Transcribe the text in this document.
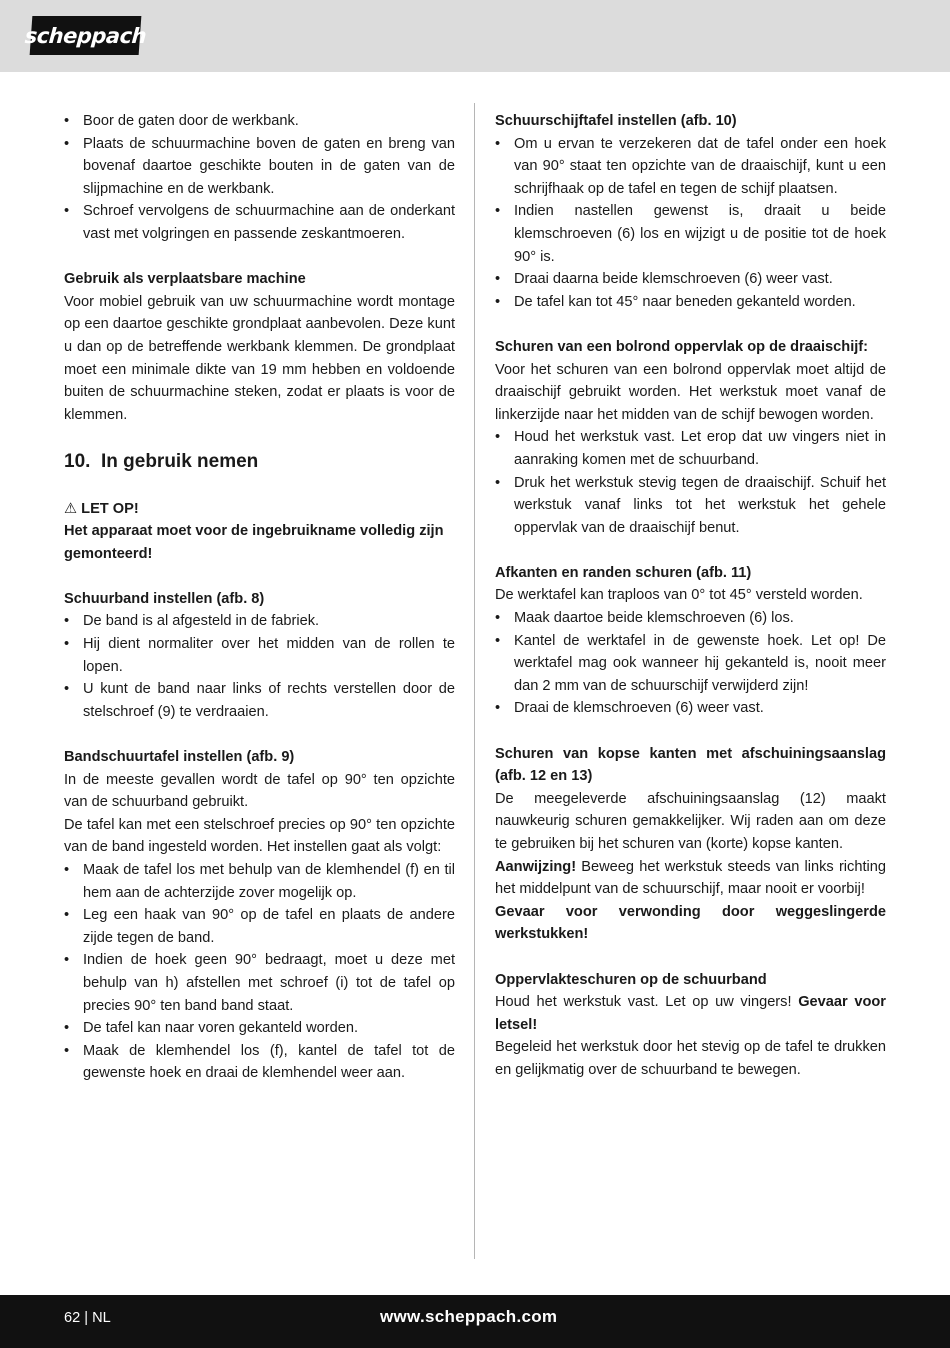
scheppach
• Boor de gaten door de werkbank.
• Plaats de schuurmachine boven de gaten en breng van bovenaf daartoe geschikte bouten in de gaten van de slijpmachine en de werkbank.
• Schroef vervolgens de schuurmachine aan de onderkant vast met volgringen en passende zeskantmoeren.

Gebruik als verplaatsbare machine

Voor mobiel gebruik van uw schuurmachine wordt montage op een daartoe geschikte grondplaat aanbevolen. Deze kunt u dan op de betreffende werkbank klemmen. De grondplaat moet een minimale dikte van 19 mm hebben en voldoende buiten de schuurmachine steken, zodat er plaats is voor de klemmen.

10. In gebruik nemen

⚠ LET OP!

Het apparaat moet voor de ingebruikname volledig zijn gemonteerd!

Schuurband instellen (afb. 8)

• De band is al afgesteld in de fabriek.
• Hij dient normaliter over het midden van de rollen te lopen.
• U kunt de band naar links of rechts verstellen door de stelschroef (9) te verdraaien.

Bandschuurtafel instellen (afb. 9)

In de meeste gevallen wordt de tafel op 90° ten opzichte van de schuurband gebruikt.

De tafel kan met een stelschroef precies op 90° ten opzichte van de band ingesteld worden. Het instellen gaat als volgt:

• Maak de tafel los met behulp van de klemhendel (f) en til hem aan de achterzijde zover mogelijk op.
• Leg een haak van 90° op de tafel en plaats de andere zijde tegen de band.
• Indien de hoek geen 90° bedraagt, moet u deze met behulp van h) afstellen met schroef (i) tot de tafel op precies 90° ten band band staat.
• De tafel kan naar voren gekanteld worden.
• Maak de klemhendel los (f), kantel de tafel tot de gewenste hoek en draai de klemhendel weer aan.

Schuurschijftafel instellen (afb. 10)

• Om u ervan te verzekeren dat de tafel onder een hoek van 90° staat ten opzichte van de draaischijf, kunt u een schrijfhaak op de tafel en tegen de schijf plaatsen.
• Indien nastellen gewenst is, draait u beide klemschroeven (6) los en wijzigt u de positie tot de hoek 90° is.
• Draai daarna beide klemschroeven (6) weer vast.
• De tafel kan tot 45° naar beneden gekanteld worden.

Schuren van een bolrond oppervlak op de draaischijf:

Voor het schuren van een bolrond oppervlak moet altijd de draaischijf gebruikt worden. Het werkstuk moet vanaf de linkerzijde naar het midden van de schijf bewogen worden.

• Houd het werkstuk vast. Let erop dat uw vingers niet in aanraking komen met de schuurband.
• Druk het werkstuk stevig tegen de draaischijf. Schuif het werkstuk vanaf links tot het werkstuk het gehele oppervlak van de draaischijf benut.

Afkanten en randen schuren (afb. 11)

De werktafel kan traploos van 0° tot 45° versteld worden.

• Maak daartoe beide klemschroeven (6) los.
• Kantel de werktafel in de gewenste hoek. Let op! De werktafel mag ook wanneer hij gekanteld is, nooit meer dan 2 mm van de schuurschijf verwijderd zijn!
• Draai de klemschroeven (6) weer vast.

Schuren van kopse kanten met afschuiningsaanslag (afb. 12 en 13)

De meegeleverde afschuiningsaanslag (12) maakt nauwkeurig schuren gemakkelijker. Wij raden aan om deze te gebruiken bij het schuren van (korte) kopse kanten.

Aanwijzing! Beweeg het werkstuk steeds van links richting het middelpunt van de schuurschijf, maar nooit er voorbij!

Gevaar voor verwonding door weggeslingerde werkstukken!

Oppervlakteschuren op de schuurband

Houd het werkstuk vast. Let op uw vingers! Gevaar voor letsel!

Begeleid het werkstuk door het stevig op de tafel te drukken en gelijkmatig over de schuurband te bewegen.

62 | NL	www.scheppach.com
